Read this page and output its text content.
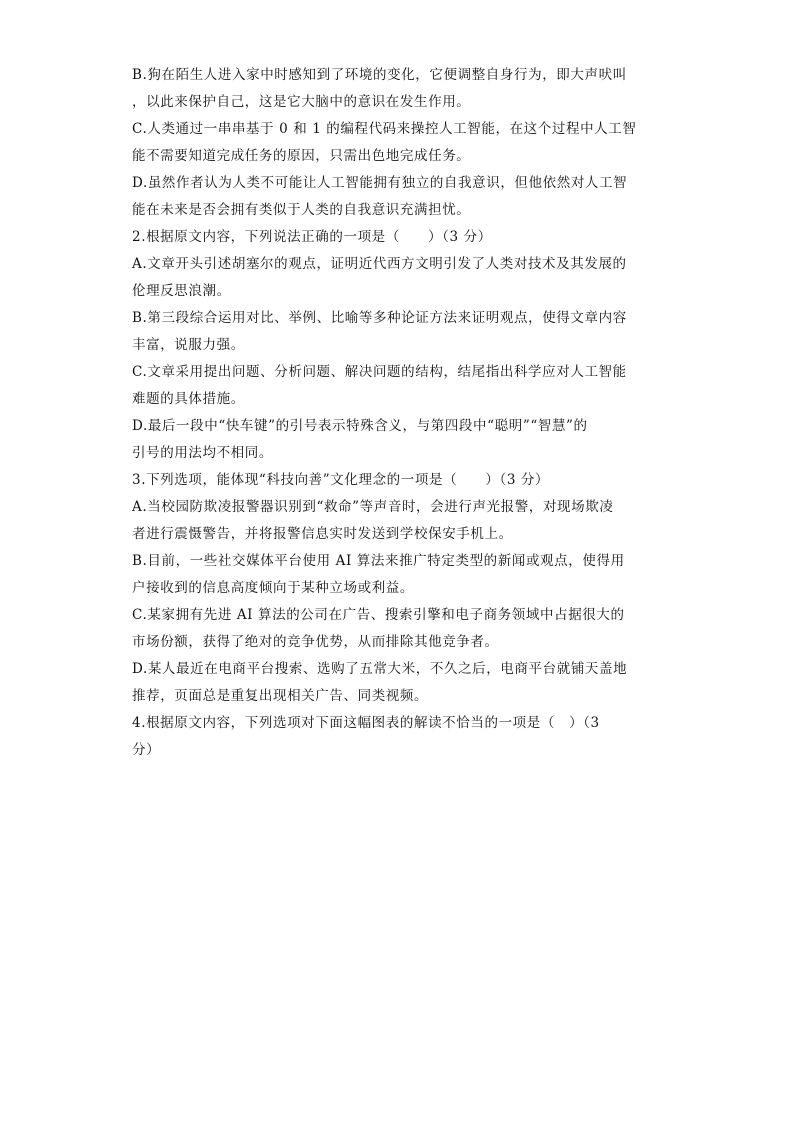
B.狗在陌生人进入家中时感知到了环境的变化，它便调整自身行为，即大声吠叫
，以此来保护自己，这是它大脑中的意识在发生作用。
C.人类通过一串串基于 0 和 1 的编程代码来操控人工智能，在这个过程中人工智
能不需要知道完成任务的原因，只需出色地完成任务。
D.虽然作者认为人类不可能让人工智能拥有独立的自我意识，但他依然对人工智
能在未来是否会拥有类似于人类的自我意识充满担忧。
2.根据原文内容，下列说法正确的一项是（　　）（3 分）
A.文章开头引述胡塞尔的观点，证明近代西方文明引发了人类对技术及其发展的
伦理反思浪潮。
B.第三段综合运用对比、举例、比喻等多种论证方法来证明观点，使得文章内容
丰富，说服力强。
C.文章采用提出问题、分析问题、解决问题的结构，结尾指出科学应对人工智能
难题的具体措施。
D.最后一段中“快车键”的引号表示特殊含义，与第四段中“聪明”“智慧”的
引号的用法均不相同。
3.下列选项，能体现“科技向善”文化理念的一项是（　　）（3 分）
A.当校园防欺凌报警器识别到“救命”等声音时，会进行声光报警，对现场欺凌
者进行震慑警告，并将报警信息实时发送到学校保安手机上。
B.目前，一些社交媒体平台使用 AI 算法来推广特定类型的新闻或观点，使得用
户接收到的信息高度倾向于某种立场或利益。
C.某家拥有先进 AI 算法的公司在广告、搜索引擎和电子商务领域中占据很大的
市场份额，获得了绝对的竞争优势，从而排除其他竞争者。
D.某人最近在电商平台搜索、选购了五常大米，不久之后，电商平台就铺天盖地
推荐，页面总是重复出现相关广告、同类视频。
4.根据原文内容，下列选项对下面这幅图表的解读不恰当的一项是（　）（3
分）
